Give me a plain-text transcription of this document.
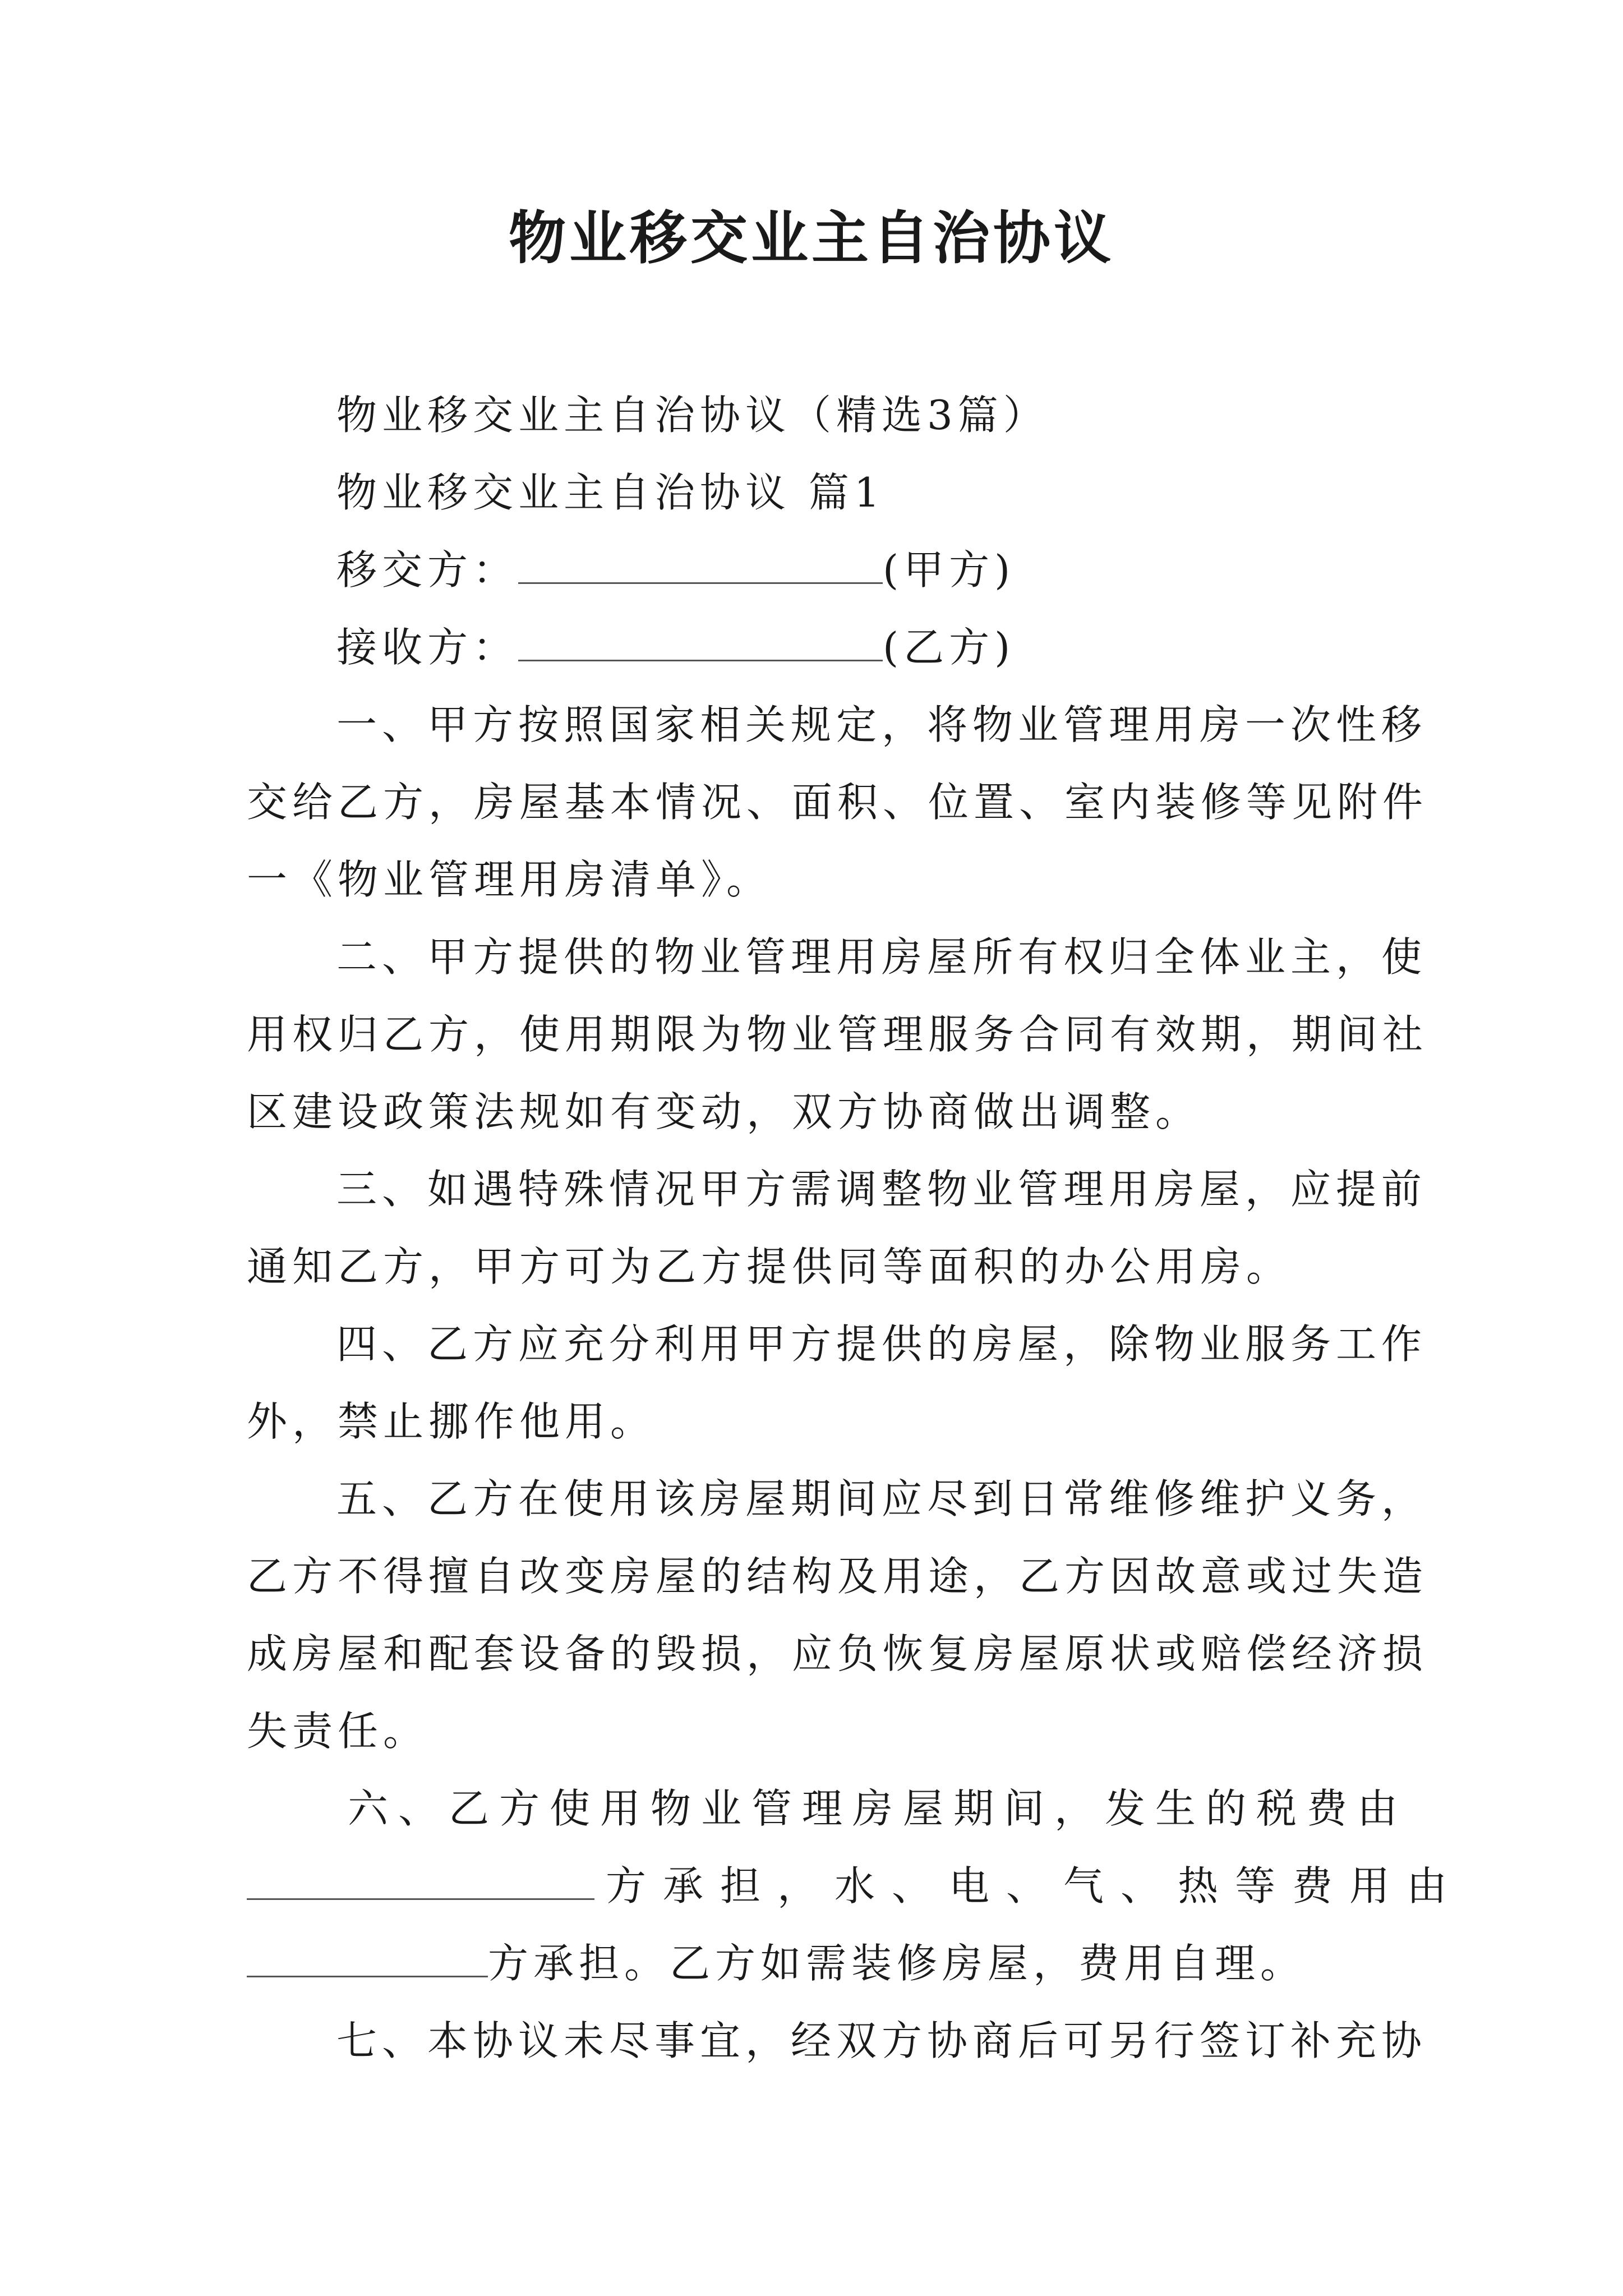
物业移交业主自治协议
物业移交业主自治协议（精选3篇）
物业移交业主自治协议 篇1
移交方：	(甲方)
接收方：	(乙方)
一、甲方按照国家相关规定，将物业管理用房一次性移
交给乙方，房屋基本情况、面积、位置、室内装修等见附件
一《物业管理用房清单》。
二、甲方提供的物业管理用房屋所有权归全体业主，使
用权归乙方，使用期限为物业管理服务合同有效期，期间社
区建设政策法规如有变动，双方协商做出调整。
三、如遇特殊情况甲方需调整物业管理用房屋，应提前
通知乙方，甲方可为乙方提供同等面积的办公用房。
四、乙方应充分利用甲方提供的房屋，除物业服务工作
外，禁止挪作他用。
五、乙方在使用该房屋期间应尽到日常维修维护义务，
乙方不得擅自改变房屋的结构及用途，乙方因故意或过失造
成房屋和配套设备的毁损，应负恢复房屋原状或赔偿经济损
失责任。
六、乙方使用物业管理房屋期间，发生的税费由
方承担，水、电、气、热等费用由
方承担。乙方如需装修房屋，费用自理。
七、本协议未尽事宜，经双方协商后可另行签订补充协
